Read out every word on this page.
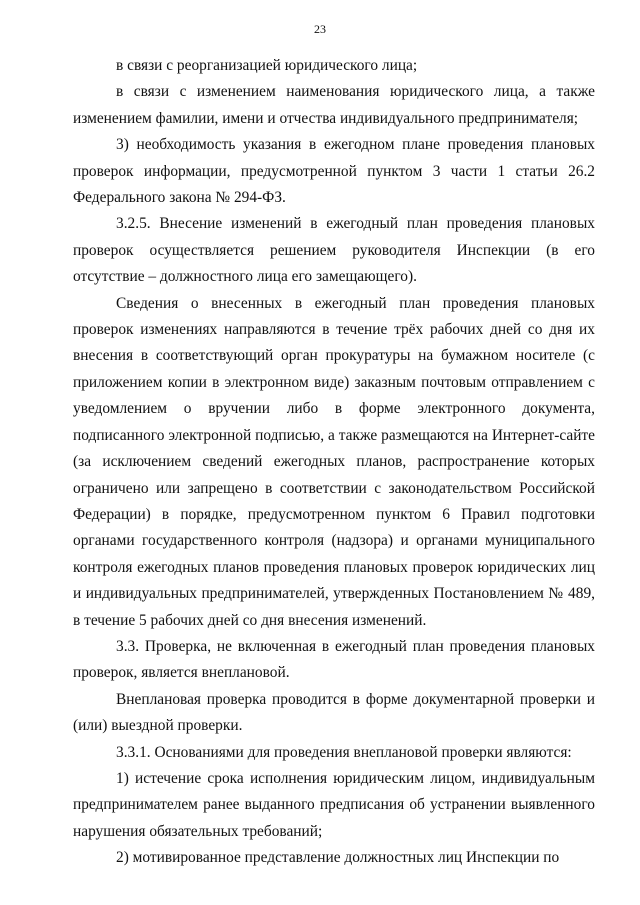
23

в связи с реорганизацией юридического лица;

в связи с изменением наименования юридического лица, а также изменением фамилии, имени и отчества индивидуального предпринимателя;

3) необходимость указания в ежегодном плане проведения плановых проверок информации, предусмотренной пунктом 3 части 1 статьи 26.2 Федерального закона № 294-ФЗ.

3.2.5. Внесение изменений в ежегодный план проведения плановых проверок осуществляется решением руководителя Инспекции (в его отсутствие – должностного лица его замещающего).

Сведения о внесенных в ежегодный план проведения плановых проверок изменениях направляются в течение трёх рабочих дней со дня их внесения в соответствующий орган прокуратуры на бумажном носителе (с приложением копии в электронном виде) заказным почтовым отправлением с уведомлением о вручении либо в форме электронного документа, подписанного электронной подписью, а также размещаются на Интернет-сайте (за исключением сведений ежегодных планов, распространение которых ограничено или запрещено в соответствии с законодательством Российской Федерации) в порядке, предусмотренном пунктом 6 Правил подготовки органами государственного контроля (надзора) и органами муниципального контроля ежегодных планов проведения плановых проверок юридических лиц и индивидуальных предпринимателей, утвержденных Постановлением № 489, в течение 5 рабочих дней со дня внесения изменений.

3.3. Проверка, не включенная в ежегодный план проведения плановых проверок, является внеплановой.

Внеплановая проверка проводится в форме документарной проверки и (или) выездной проверки.

3.3.1. Основаниями для проведения внеплановой проверки являются:

1) истечение срока исполнения юридическим лицом, индивидуальным предпринимателем ранее выданного предписания об устранении выявленного нарушения обязательных требований;

2) мотивированное представление должностных лиц Инспекции по
